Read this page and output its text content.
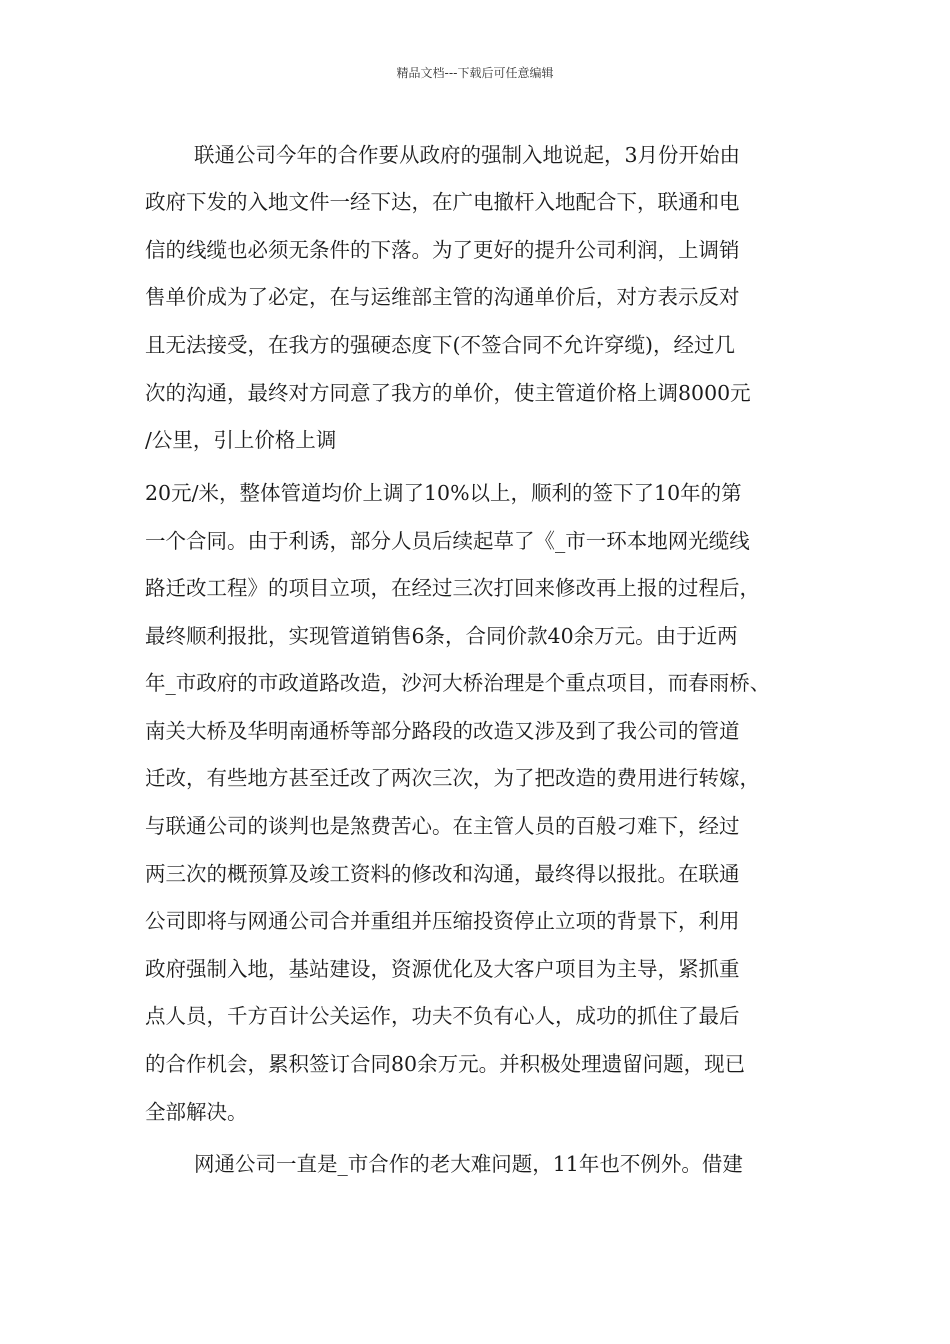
精品文档---下载后可任意编辑
联通公司今年的合作要从政府的强制入地说起，3月份开始由
政府下发的入地文件一经下达，在广电撤杆入地配合下，联通和电
信的线缆也必须无条件的下落。为了更好的提升公司利润，上调销
售单价成为了必定，在与运维部主管的沟通单价后，对方表示反对
且无法接受，在我方的强硬态度下(不签合同不允许穿缆)，经过几
次的沟通，最终对方同意了我方的单价，使主管道价格上调8000元
/公里，引上价格上调
20元/米，整体管道均价上调了10%以上，顺利的签下了10年的第
一个合同。由于利诱，部分人员后续起草了《_市一环本地网光缆线
路迁改工程》的项目立项，在经过三次打回来修改再上报的过程后，
最终顺利报批，实现管道销售6条，合同价款40余万元。由于近两
年_市政府的市政道路改造，沙河大桥治理是个重点项目，而春雨桥、
南关大桥及华明南通桥等部分路段的改造又涉及到了我公司的管道
迁改，有些地方甚至迁改了两次三次，为了把改造的费用进行转嫁，
与联通公司的谈判也是煞费苦心。在主管人员的百般刁难下，经过
两三次的概预算及竣工资料的修改和沟通，最终得以报批。在联通
公司即将与网通公司合并重组并压缩投资停止立项的背景下，利用
政府强制入地，基站建设，资源优化及大客户项目为主导，紧抓重
点人员，千方百计公关运作，功夫不负有心人，成功的抓住了最后
的合作机会，累积签订合同80余万元。并积极处理遗留问题，现已
全部解决。
网通公司一直是_市合作的老大难问题，11年也不例外。借建
